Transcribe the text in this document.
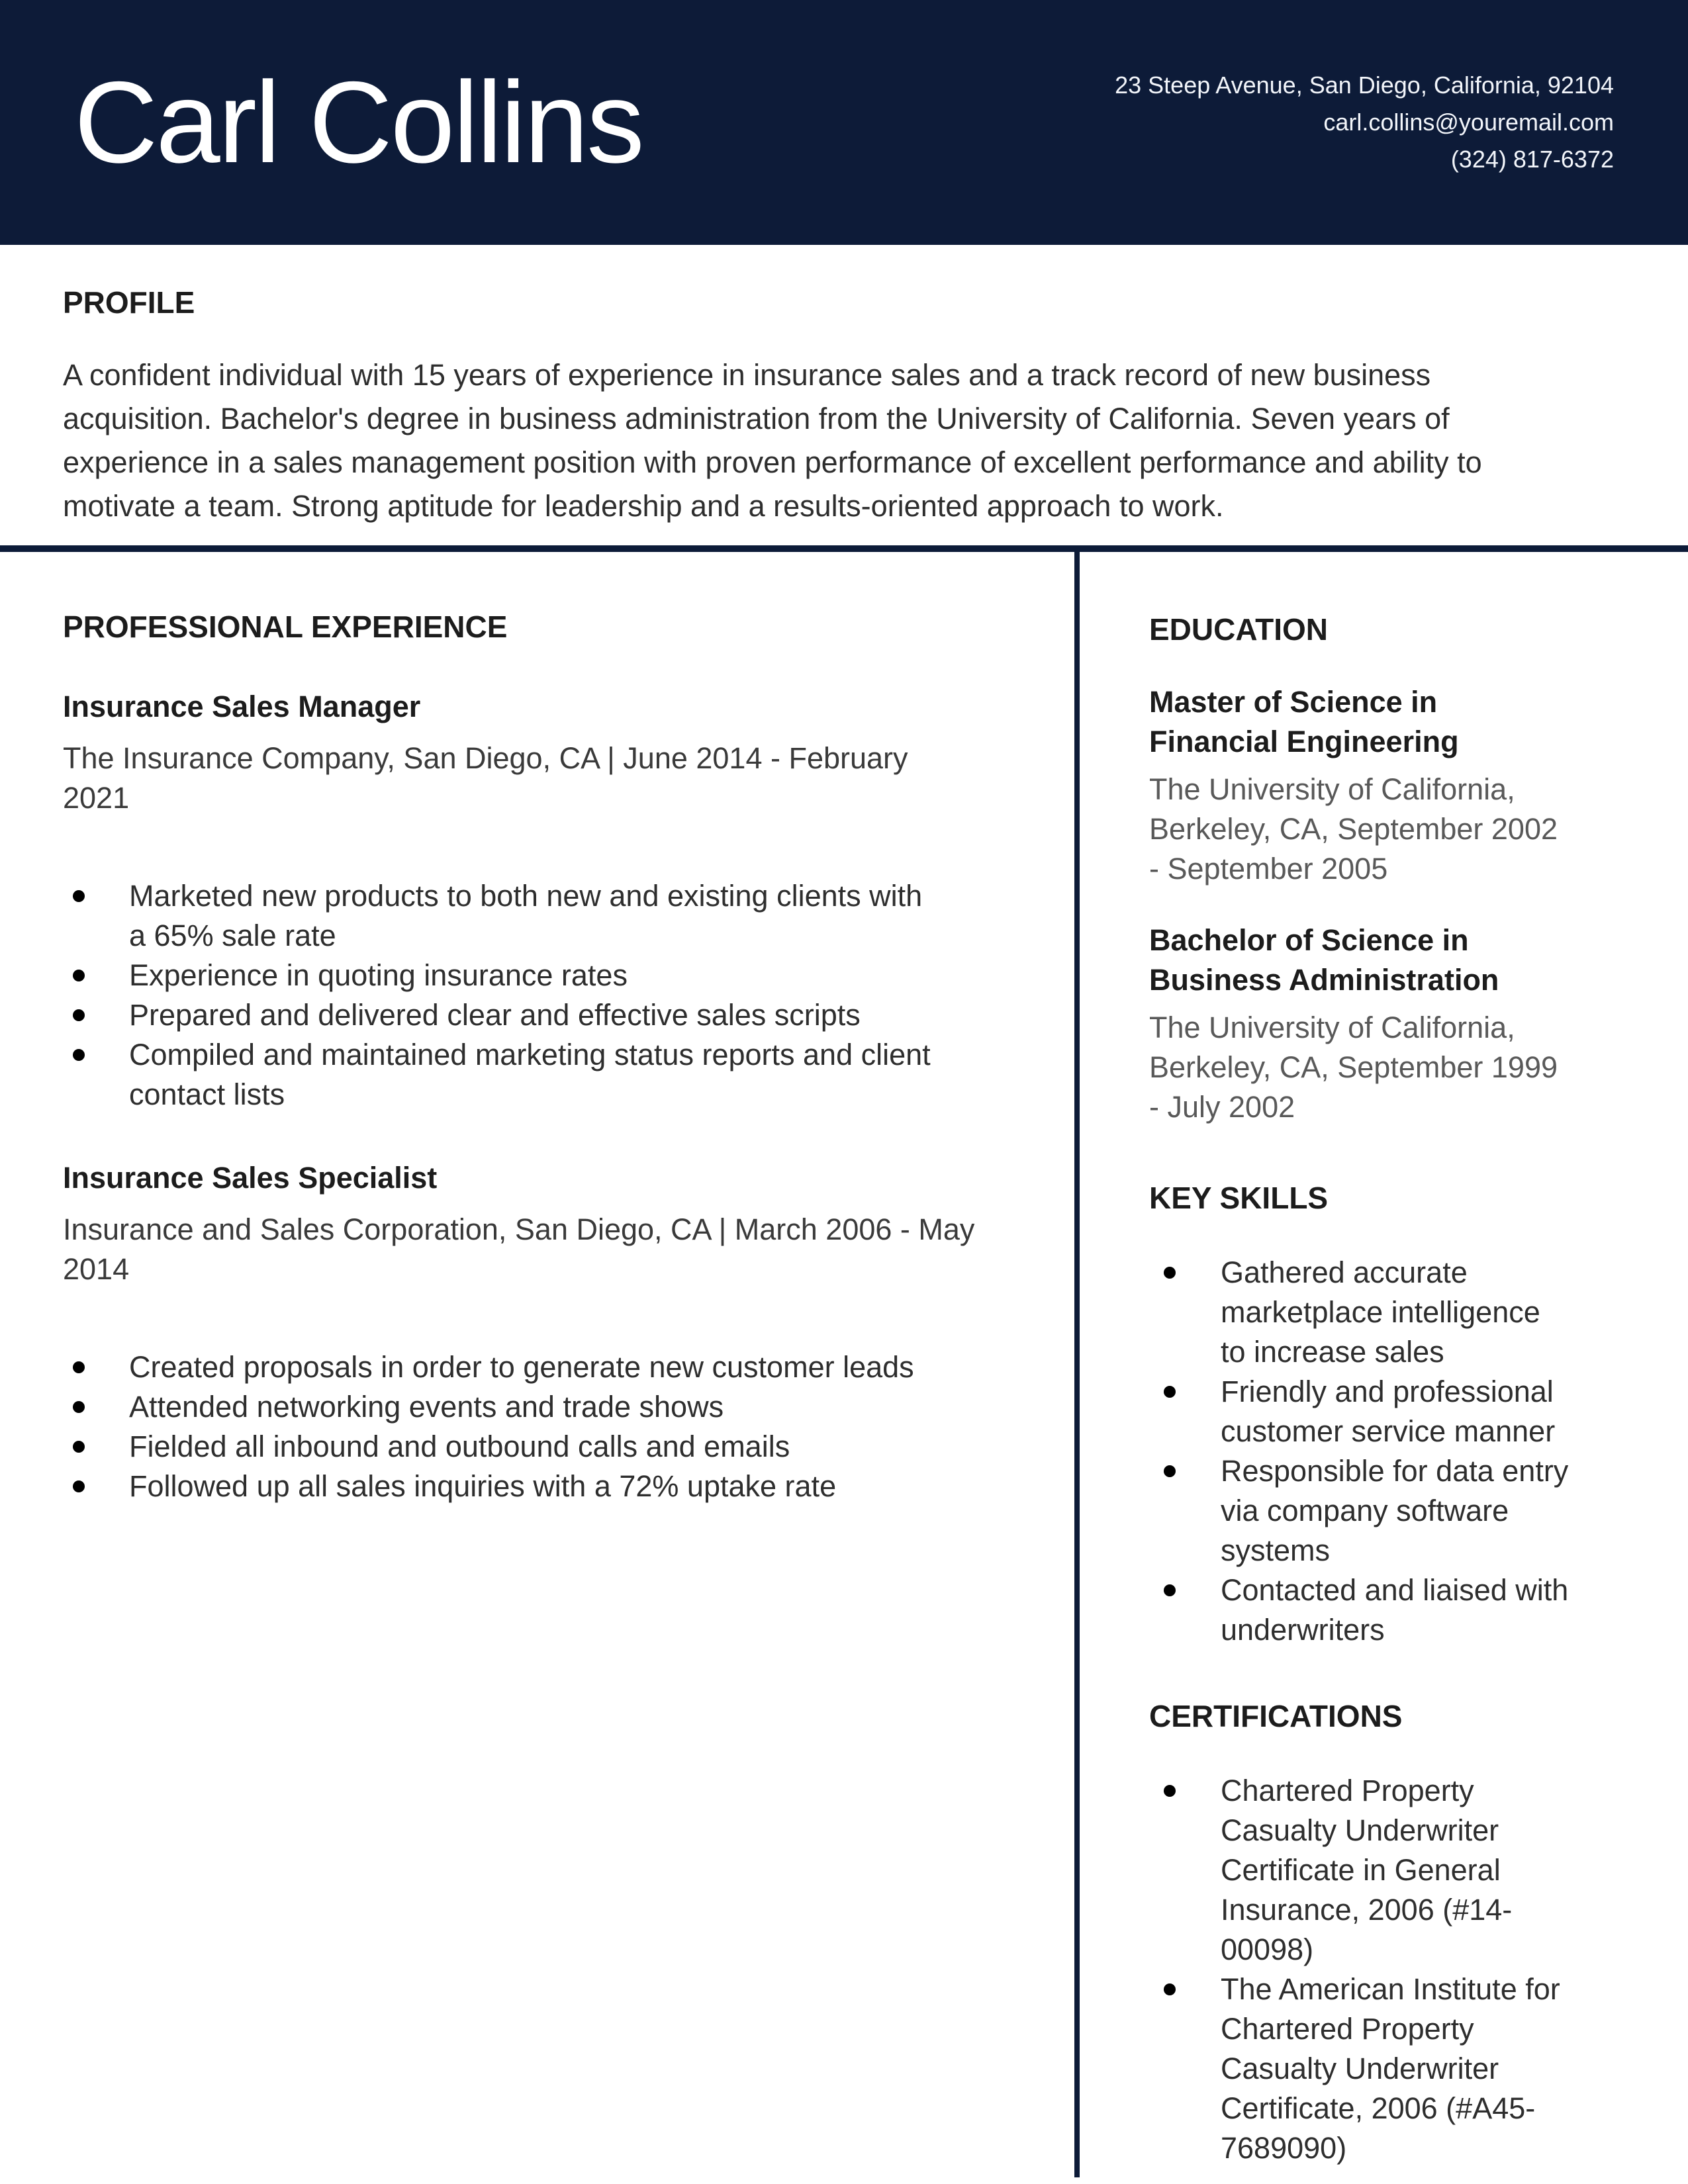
Carl Collins	23 Steep Avenue, San Diego, California, 92104
carl.collins@youremail.com
(324) 817-6372
PROFILE

A confident individual with 15 years of experience in insurance sales and a track record of new business acquisition. Bachelor's degree in business administration from the University of California. Seven years of experience in a sales management position with proven performance of excellent performance and ability to motivate a team. Strong aptitude for leadership and a results-oriented approach to work.

PROFESSIONAL EXPERIENCE
Insurance Sales Manager

The Insurance Company, San Diego, CA | June 2014 - February 2021

Marketed new products to both new and existing clients with a 65% sale rate
Experience in quoting insurance rates
Prepared and delivered clear and effective sales scripts
Compiled and maintained marketing status reports and client contact lists
Insurance Sales Specialist

Insurance and Sales Corporation, San Diego, CA | March 2006 - May 2014

Created proposals in order to generate new customer leads
Attended networking events and trade shows
Fielded all inbound and outbound calls and emails
Followed up all sales inquiries with a 72% uptake rate
EDUCATION
Master of Science in Financial Engineering

The University of California, Berkeley, CA, September 2002 - September 2005

Bachelor of Science in Business Administration

The University of California, Berkeley, CA, September 1999 - July 2002

KEY SKILLS
Gathered accurate marketplace intelligence to increase sales
Friendly and professional customer service manner
Responsible for data entry via company software systems
Contacted and liaised with underwriters
CERTIFICATIONS
Chartered Property Casualty Underwriter Certificate in General Insurance, 2006 (#14-00098)
The American Institute for Chartered Property Casualty Underwriter Certificate, 2006 (#A45-7689090)
